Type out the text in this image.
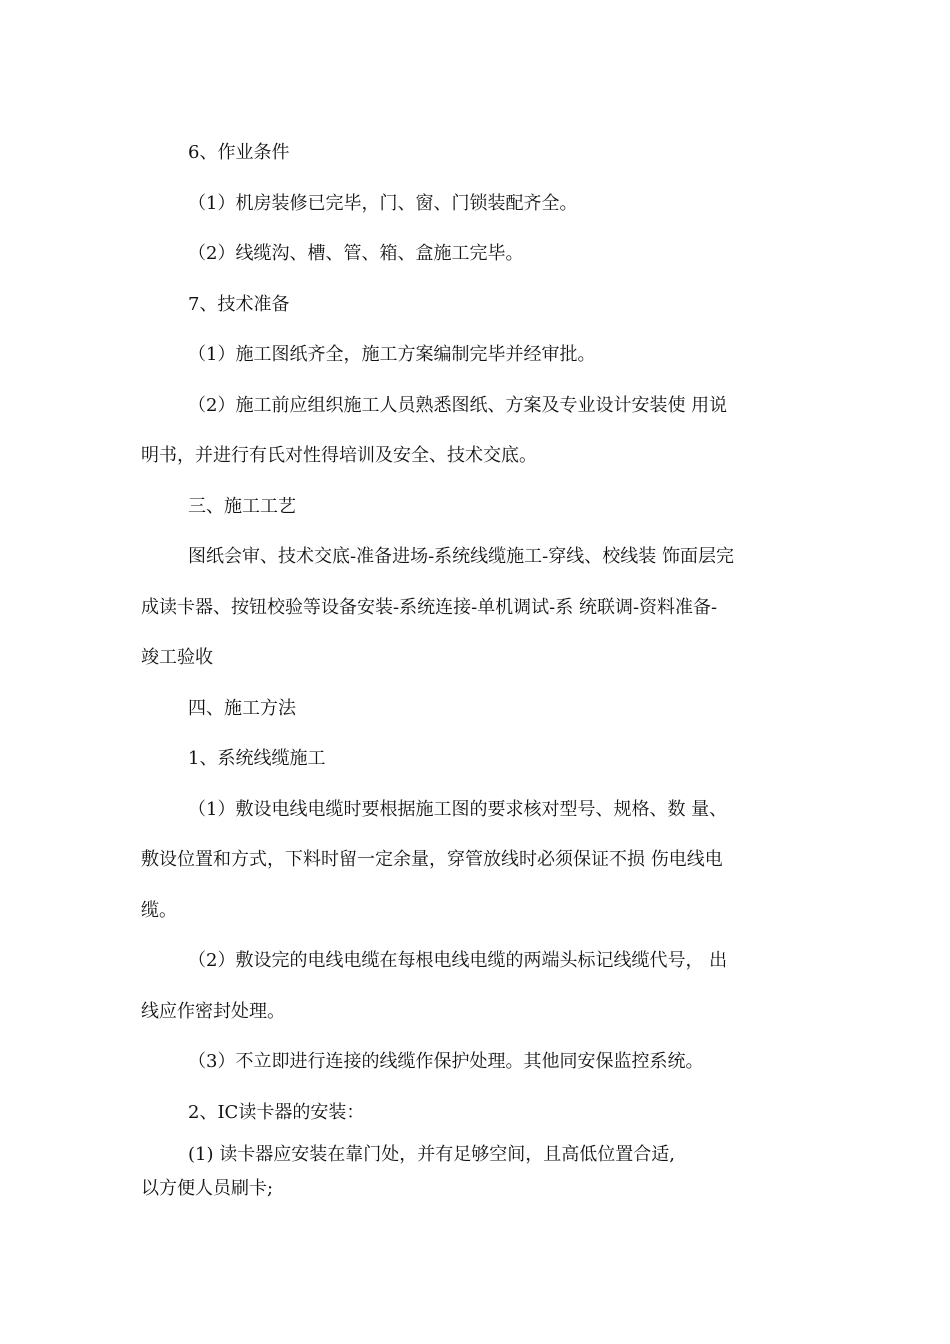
6、作业条件
（1）机房装修已完毕，门、窗、门锁装配齐全。
（2）线缆沟、槽、管、箱、盒施工完毕。
7、技术准备
（1）施工图纸齐全，施工方案编制完毕并经审批。
（2）施工前应组织施工人员熟悉图纸、方案及专业设计安装使 用说
明书，并进行有氏对性得培训及安全、技术交底。
三、施工工艺
图纸会审、技术交底-准备进场-系统线缆施工-穿线、校线装 饰面层完
成读卡器、按钮校验等设备安装-系统连接-单机调试-系 统联调-资料准备-
竣工验收
四、施工方法
1、系统线缆施工
（1）敷设电线电缆时要根据施工图的要求核对型号、规格、数 量、
敷设位置和方式，下料时留一定余量，穿管放线时必须保证不损 伤电线电
缆。
（2）敷设完的电线电缆在每根电线电缆的两端头标记线缆代号， 出
线应作密封处理。
（3）不立即进行连接的线缆作保护处理。其他同安保监控系统。
2、IC读卡器的安装：
(1) 读卡器应安装在靠门处，并有足够空间，且高低位置合适,
以方便人员刷卡;
